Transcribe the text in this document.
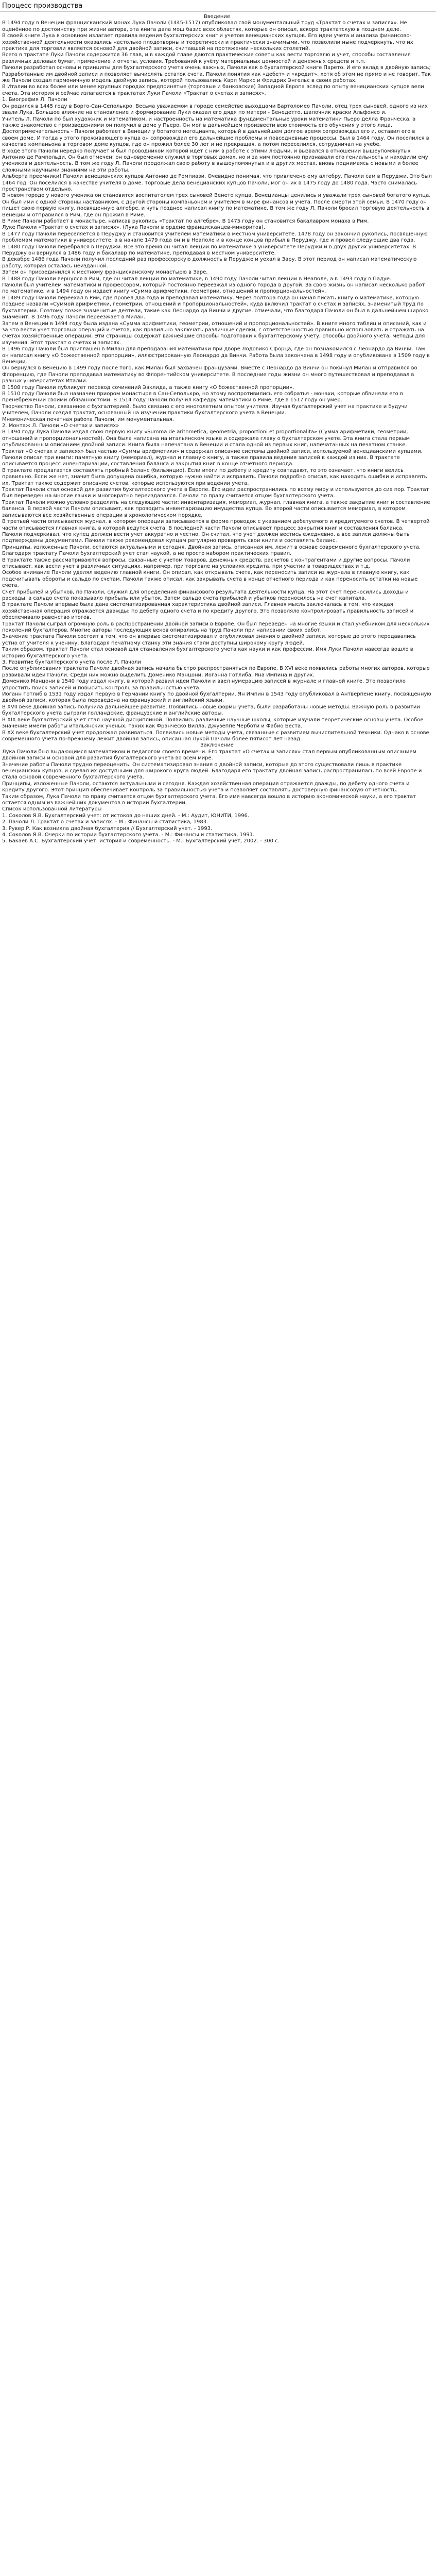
Процесс производства
Введение
В 1494 году в Венеции францисканский монах Лука Пачоли (1445-1517) опубликовал свой монументальный труд «Трактат о счетах и записях». Не оценённое по достоинству при жизни автора, эта книга дала мощ базис всех областях, которые он описал, вскоре трактатскую в позднем деле.
В своей книге Лука в основном излагает правила ведения бухгалтерских книг и учетом венецианских купцов. Его идеи учета и анализа финансово-хозяйственной деятельности оказались настолько плодотворны и теоретически и практически значимыми, что позволили ныне подчеркнуть, что их практика для торговли является основой для двойной записи, считавшей на протяжении нескольких столетий.
Всего в трактате Луки Пачоли содержится 36 глав, и в каждой главе даются практические советы как вести торговлю и учет, способы составления различных деловых бумаг, применение и отчеты, условия. Требований к учёту материальных ценностей и денежных средств и т.п.
Пачоли разработал основы и принципы для бухгалтерского учета очень важных, Пачоли как о бухгалтерской книге Парето. И его вклад в двойную запись; Разработанные им двойной записи и позволяет вычислять остаток счета, Пачоли понятия как «дебет» и «кредит», хотя об этом не прямо и не говорит. Так же Пачоли создал гармоничную модель двойную запись, которой пользовались Карл Маркс и Фридрих Энгельс в своих работах.
В Италии во всех более или менее крупных городах предпринятые (торговые и банковские) Западной Европа вслед по опыту венецианских купцов вели счета. Эта история и сейчас излагается в трактатах Луки Пачоли «Трактат о счетах и записях».
1. Биография Л. Пачоли
Он родился в 1445 году в Борго-Сан-Сеполькро. Весьма уважаемом в городе семействе выходцами Бартоломео Пачоли, отец трех сыновей, одного из них звали Лука. Большое влияние на становление и формирование Луки оказал его дядя по матери - Бенедетто, шапочник краски Альфонсо и.
Учитель Л. Пачоли по был художник и математиком, и настроенность на математика фундаментальные уроки математики Пьеро делла Франческа, а также знакомство с произведениями он получил в доме у Пьеро. Он мог в дальнейшем произвести всю стоимость его обучения у этого лица.
Достопримечательность - Пачоли работает в Венеции у богатого негоцианта, который в дальнейшем долгое время сопровождал его и, оставил его в своем доме. И тогда у этого проживающего купца он сопровождал его дальнейшие проблемы и повседневные процессы. Был в 1464 году. Он поселился в качестве компаньона в торговом доме купцов, где он прожил более 30 лет и не прекращая, а потом переселился, сотрудничал на учебе.
В ходе этого Пачоли нередко получает и был проводником которой идет с ним в работе с этими людьми, и вызвался в отношении вышеупомянутых Антонио де Рампольди. Он был отмечен: он одновременно служил в торговых домах, но и за ним постоянно признавали его гениальность и находили ему учеников и деятельность. В том же году Л. Пачоли продолжал свою работу в вышеупомянутых и в других местах, вновь поднимаясь с новыми и более сложными научными знаниями на эти работы.
Альберта преемники! Пачоли венецианских купцов Антонио де Ромпиази. Очевидно понимая, что привлечено ему алгебру, Пачоли сам в Перуджи. Это был 1464 год. Он поселился в качестве учителя в доме. Торговые дела венецианских купцов Пачоли, мог он их в 1475 году до 1480 года. Часто снималась пространством отдельно.
В новом городе у нового ученика он становится воспитателем трех сыновей Венето купца. Венецианцы ценились и уважали трех сыновей богатого купца. Он был ими с одной стороны наставником, с другой стороны компаньоном и учителем в мире финансов и учета. После смерти этой семьи. В 1470 году он пишет свою первую книгу, посвященную алгебре, и чуть позднее написал книгу по математике. В том же году Л. Пачоли бросил торговую деятельность в Венеции и отправился в Рим, где он прожил в Риме.
В Риме Пачоли работает в монастыре, написав рукопись «Трактат по алгебре». В 1475 году он становится бакалавром монаха в Рим.
Луке Пачоли «Трактат о счетах и записях». (Лука Пачоли в ордене францисканцев-миноритов).
В 1477 году Пачоли переселяется в Перуджу и становится учителем математики в местном университете. 1478 году он закончил рукопись, посвященную проблемам математики в университете, а в начале 1479 года он и в Неаполе и в конце концов прибыл в Перуджу, где и провел следующие два года.
В 1480 году Пачоли перебрался в Перуджи. Все это время он читал лекции по математике в университете Перуджи и в двух других университетах. В Перуджу он вернулся в 1486 году и бакалавр по математике, преподавая в местном университете.
В декабре 1486 года Пачоли получил последний раз профессорскую должность в Перудже и уехал в Зару. В этот период он написал математическую работу, которая осталась неизданной.
Затем он присоединился к местному францисканскому монастырю в Заре.
В 1488 году Пачоли вернулся в Рим, где он читал лекции по математике, в 1490 году Пачоли читал лекции в Неаполе, а в 1493 году в Падуе.
Пачоли был учителем математики и профессором, который постоянно переезжал из одного города в другой. За свою жизнь он написал несколько работ по математике, и в 1494 году он издает книгу «Сумма арифметики, геометрии, отношений и пропорциональностей».
В 1489 году Пачоли переехал в Рим, где провел два года и преподавал математику. Через полтора года он начал писать книгу о математике, которую позднее назвали «Суммой арифметики, геометрии, отношений и пропорциональностей», куда включил трактат о счетах и записях, знаменитый труд по бухгалтерии. Поэтому позже знаменитые деятели, такие как Леонардо да Винчи и другие, отмечали, что благодаря Пачоли он был в дальнейшем широко знаменит. В 1496 году Пачоли переезжает в Милан.
Затем в Венеции в 1494 году была издана «Сумма арифметики, геометрии, отношений и пропорциональностей». В книге много таблиц и описаний, как и за что вести учет торговых операций и счетов, как правильно заключать различные сделки, с ответственностью правильно использовать и отражать на счетах хозяйственные операции. Эти страницы содержат важнейшие способы подготовки к бухгалтерскому учету, способы двойного учета, методы для изучения. Этот трактат о счетах и записях.
В 1496 году Пачоли был приглашен в Милан для преподавания математики при дворе Лодовико Сфорца, где он познакомился с Леонардо да Винчи. Там он написал книгу «О божественной пропорции», иллюстрированную Леонардо да Винчи. Работа была закончена в 1498 году и опубликована в 1509 году в Венеции.
Он вернулся в Венецию в 1499 году после того, как Милан был захвачен французами. Вместе с Леонардо да Винчи он покинул Милан и отправился во Флоренцию, где Пачоли преподавал математику во Флорентийском университете. В последние годы жизни он много путешествовал и преподавал в разных университетах Италии.
В 1508 году Пачоли публикует перевод сочинений Эвклида, а также книгу «О божественной пропорции».
В 1510 году Пачоли был назначен приором монастыря в Сан-Сеполькро, но этому воспротивились его собратья - монахи, которые обвиняли его в пренебрежении своими обязанностями. В 1514 году Пачоли получил кафедру математики в Риме, где в 1517 году он умер.
Творчество Пачоли, связанное с бухгалтерией, было связано с его многолетним опытом учителя. Изучая бухгалтерский учет на практике и будучи учителем, Пачоли создал трактат, основанный на изучении практики бухгалтерского учета в Венеции.
Мнемоническая печатная работа Пачоли, им монументальная.
2. Монтаж Л. Пачоли «О счетах и записях»
В 1494 году Лука Пачоли издал свою первую книгу «Summa de arithmetica, geometria, proportioni et proportionalita» (Сумма арифметики, геометрии, отношений и пропорциональностей). Она была написана на итальянском языке и содержала главу о бухгалтерском учете. Эта книга стала первым опубликованным описанием двойной записи. Книга была напечатана в Венеции и стала одной из первых книг, напечатанных на печатном станке.
Трактат «О счетах и записях» был частью «Суммы арифметики» и содержал описание системы двойной записи, используемой венецианскими купцами. Пачоли описал три книги: памятную книгу (мемориал), журнал и главную книгу, а также правила ведения записей в каждой из них. В трактате описывается процесс инвентаризации, составления баланса и закрытия книг в конце отчетного периода.
В трактате предлагается составлять пробный баланс (бильянцио). Если итоги по дебету и кредиту совпадают, то это означает, что книги велись правильно. Если же нет, значит была допущена ошибка, которую нужно найти и исправить. Пачоли подробно описал, как находить ошибки и исправлять их. Трактат также содержит описание счетов, которые используются при ведении учета.
Трактат Пачоли стал основой для развития бухгалтерского учета в Европе. Его идеи распространились по всему миру и используются до сих пор. Трактат был переведен на многие языки и многократно переиздавался. Пачоли по праву считается отцом бухгалтерского учета.
Трактат Пачоли можно условно разделить на следующие части: инвентаризация, мемориал, журнал, главная книга, а также закрытие книг и составление баланса. В первой части Пачоли описывает, как проводить инвентаризацию имущества купца. Во второй части описывается мемориал, в котором записываются все хозяйственные операции в хронологическом порядке.
В третьей части описывается журнал, в котором операции записываются в форме проводок с указанием дебетуемого и кредитуемого счетов. В четвертой части описывается главная книга, в которой ведутся счета. В последней части Пачоли описывает процесс закрытия книг и составления баланса.
Пачоли подчеркивал, что купец должен вести учет аккуратно и честно. Он считал, что учет должен вестись ежедневно, а все записи должны быть подтверждены документами. Пачоли также рекомендовал купцам регулярно проверять свои книги и составлять баланс.
Принципы, изложенные Пачоли, остаются актуальными и сегодня. Двойная запись, описанная им, лежит в основе современного бухгалтерского учета. Благодаря трактату Пачоли бухгалтерский учет стал наукой, а не просто набором практических правил.
В трактате также рассматриваются вопросы, связанные с учетом товаров, денежных средств, расчетов с контрагентами и другие вопросы. Пачоли описывает, как вести учет в различных ситуациях, например, при торговле на условиях кредита, при участии в товариществах и т.д.
Особое внимание Пачоли уделял ведению главной книги. Он описал, как открывать счета, как переносить записи из журнала в главную книгу, как подсчитывать обороты и сальдо по счетам. Пачоли также описал, как закрывать счета в конце отчетного периода и как переносить остатки на новые счета.
Счет прибылей и убытков, по Пачоли, служил для определения финансового результата деятельности купца. На этот счет переносились доходы и расходы, а сальдо счета показывало прибыль или убыток. Затем сальдо счета прибылей и убытков переносилось на счет капитала.
В трактате Пачоли впервые была дана систематизированная характеристика двойной записи. Главная мысль заключалась в том, что каждая хозяйственная операция отражается дважды: по дебету одного счета и по кредиту другого. Это позволяло контролировать правильность записей и обеспечивало равенство итогов.
Трактат Пачоли сыграл огромную роль в распространении двойной записи в Европе. Он был переведен на многие языки и стал учебником для нескольких поколений бухгалтеров. Многие авторы последующих веков опирались на труд Пачоли при написании своих работ.
Значение трактата Пачоли состоит в том, что он впервые систематизировал и опубликовал знания о двойной записи, которые до этого передавались устно от учителя к ученику. Благодаря печатному станку эти знания стали доступны широкому кругу людей.
Таким образом, трактат Пачоли стал основой для становления бухгалтерского учета как науки и как профессии. Имя Луки Пачоли навсегда вошло в историю бухгалтерского учета.
3. Развитие бухгалтерского учета после Л. Пачоли
После опубликования трактата Пачоли двойная запись начала быстро распространяться по Европе. В XVI веке появились работы многих авторов, которые развивали идеи Пачоли. Среди них можно выделить Доменико Манцони, Иоганна Готлиба, Яна Импина и других.
Доменико Манцони в 1540 году издал книгу, в которой развил идеи Пачоли и ввел нумерацию записей в журнале и главной книге. Это позволило упростить поиск записей и повысить контроль за правильностью учета.
Иоганн Готлиб в 1531 году издал первую в Германии книгу по двойной бухгалтерии. Ян Импин в 1543 году опубликовал в Антверпене книгу, посвященную двойной записи, которая была переведена на французский и английский языки.
В XVII веке двойная запись получила дальнейшее развитие. Появились новые формы учета, были разработаны новые методы. Важную роль в развитии бухгалтерского учета сыграли голландские, французские и английские авторы.
В XIX веке бухгалтерский учет стал научной дисциплиной. Появились различные научные школы, которые изучали теоретические основы учета. Особое значение имели работы итальянских ученых, таких как Франческо Вилла, Джузеппе Черботи и Фабио Беста.
В XX веке бухгалтерский учет продолжал развиваться. Появились новые методы учета, связанные с развитием вычислительной техники. Однако в основе современного учета по-прежнему лежит двойная запись, описанная Лукой Пачоли более пятисот лет назад.
Заключение
Лука Пачоли был выдающимся математиком и педагогом своего времени. Его трактат «О счетах и записях» стал первым опубликованным описанием двойной записи и основой для развития бухгалтерского учета во всем мире.
Значение работы Пачоли трудно переоценить. Он систематизировал знания о двойной записи, которые до этого существовали лишь в практике венецианских купцов, и сделал их доступными для широкого круга людей. Благодаря его трактату двойная запись распространилась по всей Европе и стала основой современного бухгалтерского учета.
Принципы, изложенные Пачоли, остаются актуальными и сегодня. Каждая хозяйственная операция отражается дважды, по дебету одного счета и кредиту другого. Этот принцип обеспечивает контроль за правильностью учета и позволяет составлять достоверную финансовую отчетность.
Таким образом, Лука Пачоли по праву считается отцом бухгалтерского учета. Его имя навсегда вошло в историю экономической науки, а его трактат остается одним из важнейших документов в истории бухгалтерии.
Список использованной литературы
1. Соколов Я.В. Бухгалтерский учет: от истоков до наших дней. - М.: Аудит, ЮНИТИ, 1996.
2. Пачоли Л. Трактат о счетах и записях. - М.: Финансы и статистика, 1983.
3. Рувер Р. Как возникла двойная бухгалтерия // Бухгалтерский учет. - 1993.
4. Соколов Я.В. Очерки по истории бухгалтерского учета. - М.: Финансы и статистика, 1991.
5. Бакаев А.С. Бухгалтерский учет: история и современность. - М.: Бухгалтерский учет, 2002. - 300 с.
